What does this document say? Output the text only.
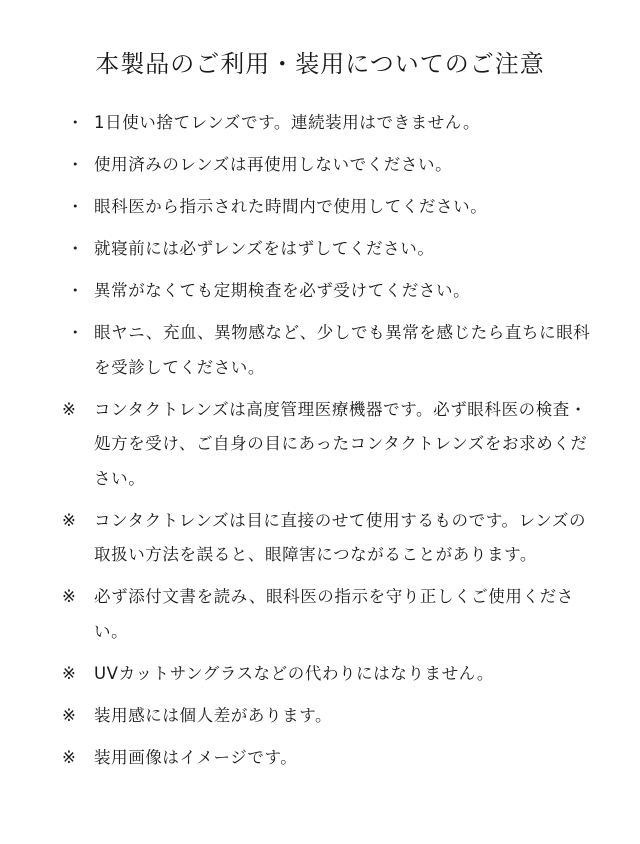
本製品のご利用・装用についてのご注意
・ 1日使い捨てレンズです。連続装用はできません。
・ 使用済みのレンズは再使用しないでください。
・ 眼科医から指示された時間内で使用してください。
・ 就寝前には必ずレンズをはずしてください。
・ 異常がなくても定期検査を必ず受けてください。
・ 眼ヤニ、充血、異物感など、少しでも異常を感じたら直ちに眼科を受診してください。
※	コンタクトレンズは高度管理医療機器です。必ず眼科医の検査・処方を受け、ご自身の目にあったコンタクトレンズをお求めください。
※	コンタクトレンズは目に直接のせて使用するものです。レンズの取扱い方法を誤ると、眼障害につながることがあります。
※	必ず添付文書を読み、眼科医の指示を守り正しくご使用ください。
※	UVカットサングラスなどの代わりにはなりません。
※	装用感には個人差があります。
※	装用画像はイメージです。
